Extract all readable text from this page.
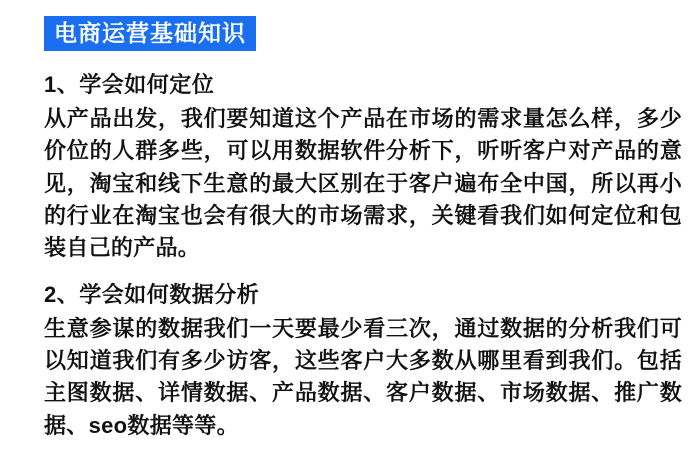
电商运营基础知识
1、学会如何定位

从产品出发，我们要知道这个产品在市场的需求量怎么样，多少价位的人群多些，可以用数据软件分析下，听听客户对产品的意见，淘宝和线下生意的最大区别在于客户遍布全中国，所以再小的行业在淘宝也会有很大的市场需求，关键看我们如何定位和包装自己的产品。

2、学会如何数据分析

生意参谋的数据我们一天要最少看三次，通过数据的分析我们可以知道我们有多少访客，这些客户大多数从哪里看到我们。包括主图数据、详情数据、产品数据、客户数据、市场数据、推广数据、seo数据等等。
